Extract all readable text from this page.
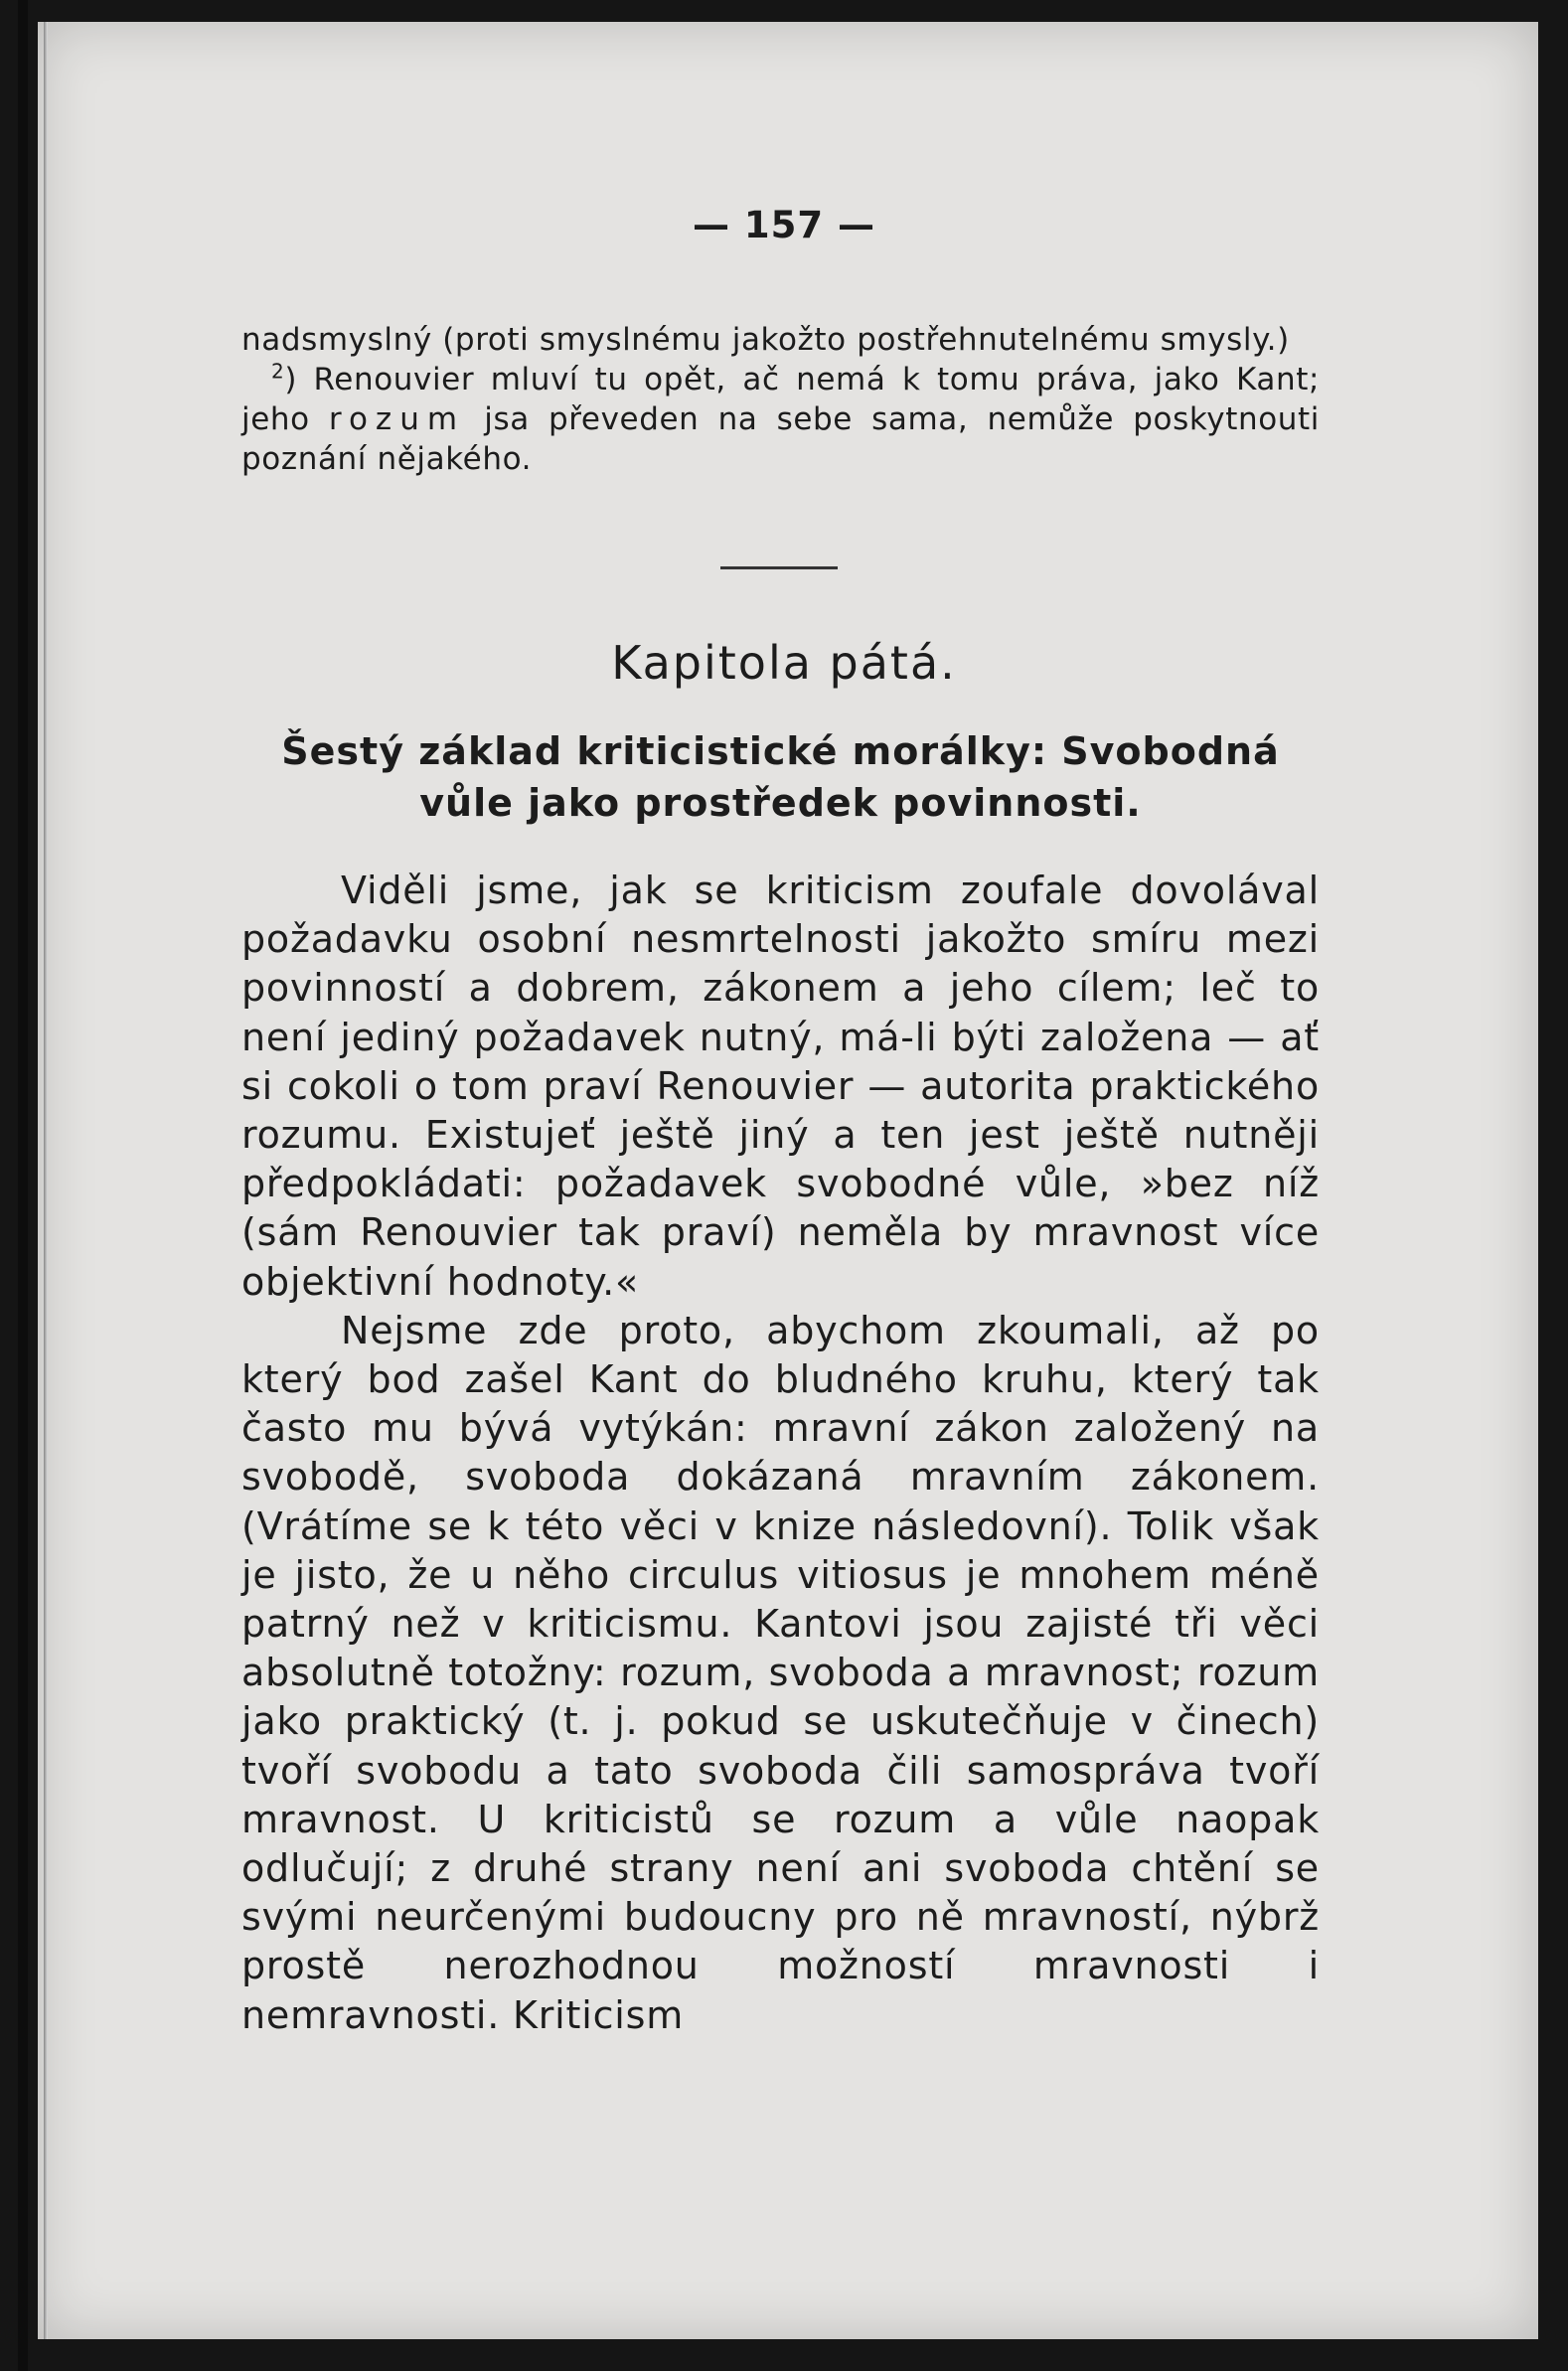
— 157 —

nadsmyslný (proti smyslnému jakožto postřehnutelnému smysly.)

$^2$) Renouvier mluví tu opět, ač nemá k tomu práva, jako Kant; jeho rozum jsa převeden na sebe sama, nemůže poskytnouti poznání nějakého.

Kapitola pátá.

Šestý základ kriticistické morálky: Svobodná vůle jako prostředek povinnosti.

Viděli jsme, jak se kriticism zoufale dovolával požadavku osobní nesmrtelnosti jakožto smíru mezi povinností a dobrem, zákonem a jeho cílem; leč to není jediný požadavek nutný, má-li býti založena — ať si cokoli o tom praví Renouvier — autorita praktického rozumu. Existujeť ještě jiný a ten jest ještě nutněji předpokládati: požadavek svobodné vůle, »bez níž (sám Renouvier tak praví) neměla by mravnost více objektivní hodnoty.«

Nejsme zde proto, abychom zkoumali, až po který bod zašel Kant do bludného kruhu, který tak často mu bývá vytýkán: mravní zákon založený na svobodě, svoboda dokázaná mravním zákonem. (Vrátíme se k této věci v knize následovní). Tolik však je jisto, že u něho circulus vitiosus je mnohem méně patrný než v kriticismu. Kantovi jsou zajisté tři věci absolutně totožny: rozum, svoboda a mravnost; rozum jako praktický (t. j. pokud se uskutečňuje v činech) tvoří svobodu a tato svoboda čili samospráva tvoří mravnost. U kriticistů se rozum a vůle naopak odlučují; z druhé strany není ani svoboda chtění se svými neurčenými budoucny pro ně mravností, nýbrž prostě nerozhodnou možností mravnosti i nemravnosti. Kriticism
